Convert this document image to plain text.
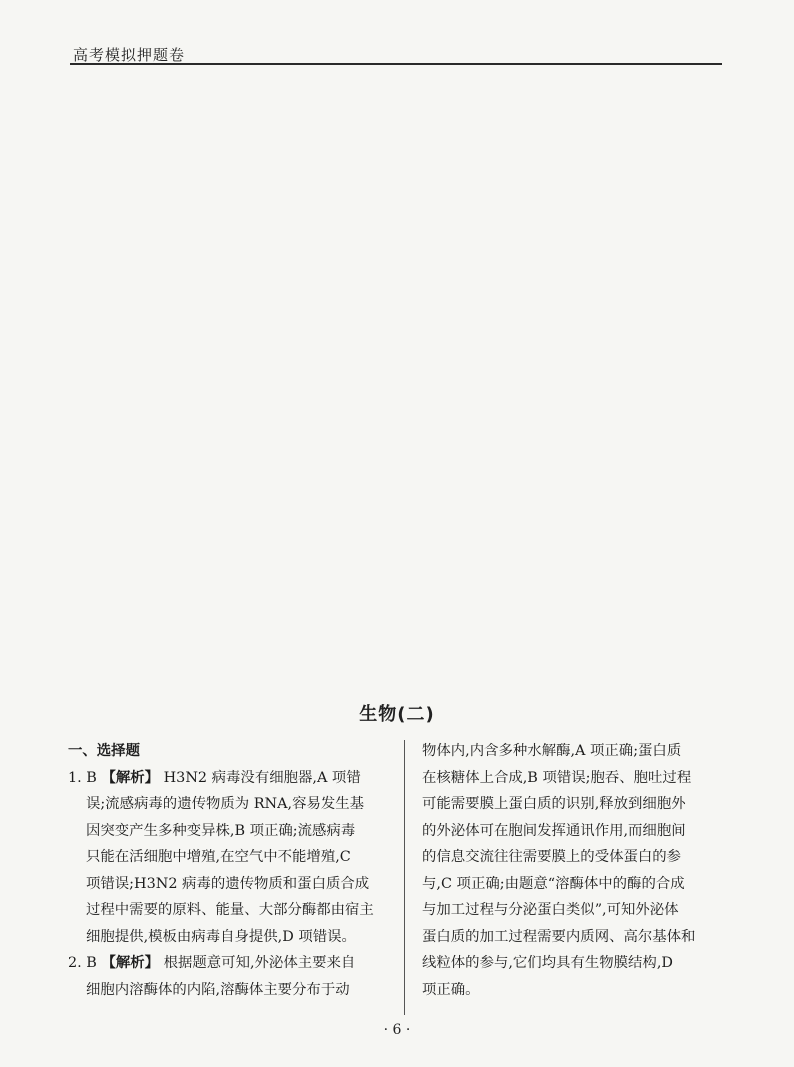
高考模拟押题卷
生物(二)
一、选择题
1. B 【解析】 H3N2 病毒没有细胞器,A 项错
误;流感病毒的遗传物质为 RNA,容易发生基
因突变产生多种变异株,B 项正确;流感病毒
只能在活细胞中增殖,在空气中不能增殖,C
项错误;H3N2 病毒的遗传物质和蛋白质合成
过程中需要的原料、能量、大部分酶都由宿主
细胞提供,模板由病毒自身提供,D 项错误。
2. B 【解析】 根据题意可知,外泌体主要来自
细胞内溶酶体的内陷,溶酶体主要分布于动
物体内,内含多种水解酶,A 项正确;蛋白质
在核糖体上合成,B 项错误;胞吞、胞吐过程
可能需要膜上蛋白质的识别,释放到细胞外
的外泌体可在胞间发挥通讯作用,而细胞间
的信息交流往往需要膜上的受体蛋白的参
与,C 项正确;由题意“溶酶体中的酶的合成
与加工过程与分泌蛋白类似”,可知外泌体
蛋白质的加工过程需要内质网、高尔基体和
线粒体的参与,它们均具有生物膜结构,D
项正确。
· 6 ·
